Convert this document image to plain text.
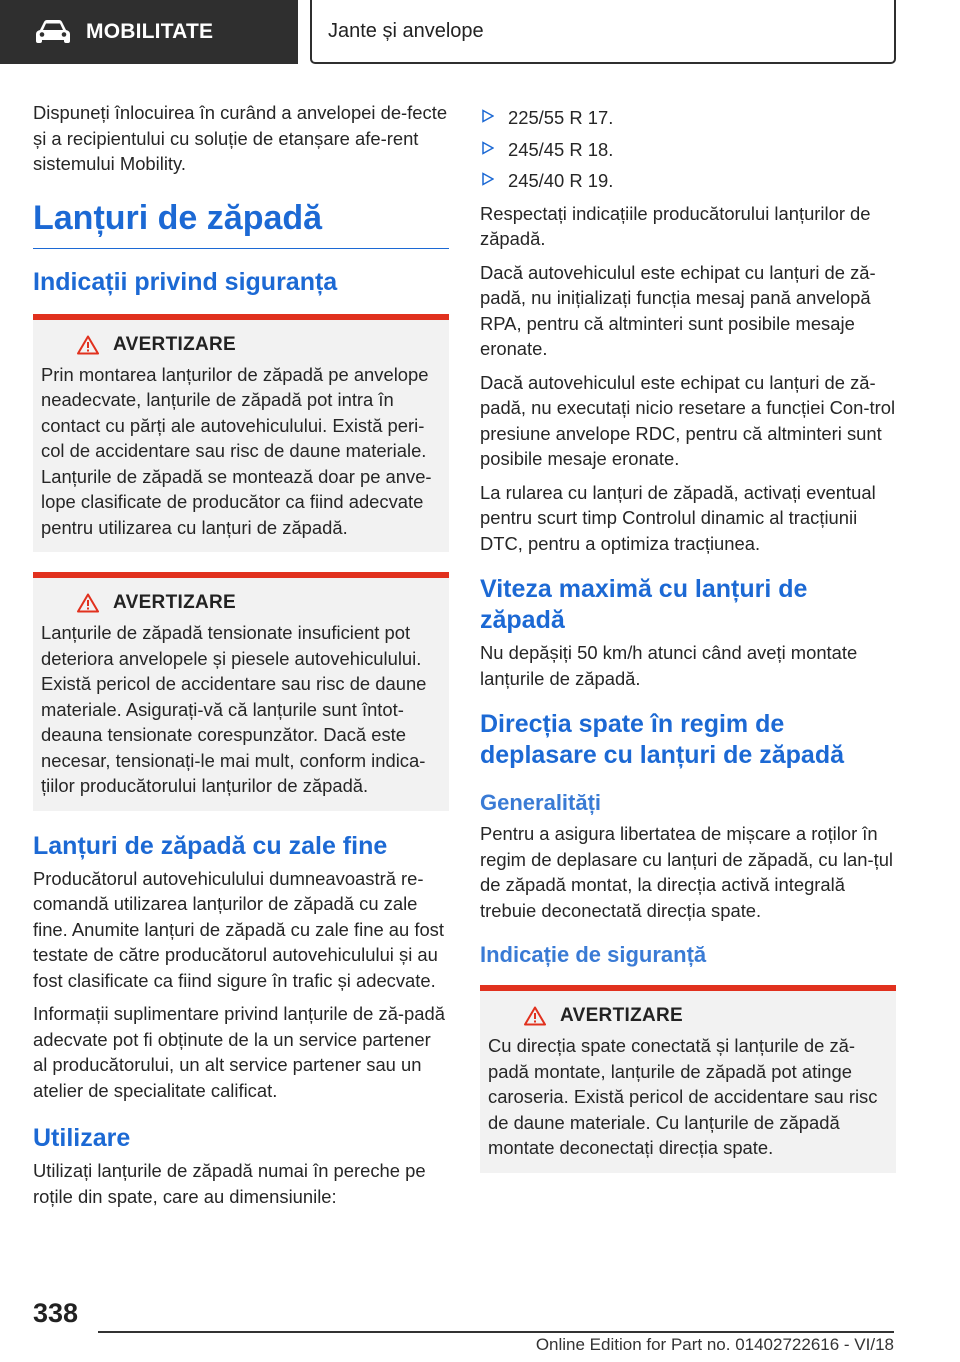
MOBILITATE	Jante și anvelope

Dispuneți înlocuirea în curând a anvelopei de-fecte și a recipientului cu soluție de etanșare afe-rent sistemului Mobility.

Lanțuri de zăpadă
Indicații privind siguranța
AVERTIZARE

Prin montarea lanțurilor de zăpadă pe anvelope neadecvate, lanțurile de zăpadă pot intra în contact cu părți ale autovehiculului. Există peri-col de accidentare sau risc de daune materiale. Lanțurile de zăpadă se montează doar pe anve-lope clasificate de producător ca fiind adecvate pentru utilizarea cu lanțuri de zăpadă.

AVERTIZARE

Lanțurile de zăpadă tensionate insuficient pot deteriora anvelopele și piesele autovehiculului. Există pericol de accidentare sau risc de daune materiale. Asigurați-vă că lanțurile sunt întot-deauna tensionate corespunzător. Dacă este necesar, tensionați-le mai mult, conform indica-țiilor producătorului lanțurilor de zăpadă.

Lanțuri de zăpadă cu zale fine

Producătorul autovehiculului dumneavoastră re-comandă utilizarea lanțurilor de zăpadă cu zale fine. Anumite lanțuri de zăpadă cu zale fine au fost testate de către producătorul autovehiculului și au fost clasificate ca fiind sigure în trafic și adecvate.

Informații suplimentare privind lanțurile de ză-padă adecvate pot fi obținute de la un service partener al producătorului, un alt service partener sau un atelier de specialitate calificat.

Utilizare

Utilizați lanțurile de zăpadă numai în pereche pe roțile din spate, care au dimensiunile:

225/55 R 17.
245/45 R 18.
245/40 R 19.

Respectați indicațiile producătorului lanțurilor de zăpadă.

Dacă autovehiculul este echipat cu lanțuri de ză-padă, nu inițializați funcția mesaj pană anvelopă RPA, pentru că altminteri sunt posibile mesaje eronate.

Dacă autovehiculul este echipat cu lanțuri de ză-padă, nu executați nicio resetare a funcției Con-trol presiune anvelope RDC, pentru că altminteri sunt posibile mesaje eronate.

La rularea cu lanțuri de zăpadă, activați eventual pentru scurt timp Controlul dinamic al tracțiunii DTC, pentru a optimiza tracțiunea.

Viteza maximă cu lanțuri de zăpadă

Nu depășiți 50 km/h atunci când aveți montate lanțurile de zăpadă.

Direcția spate în regim de deplasare cu lanțuri de zăpadă
Generalități

Pentru a asigura libertatea de mișcare a roților în regim de deplasare cu lanțuri de zăpadă, cu lan-țul de zăpadă montat, la direcția activă integrală trebuie deconectată direcția spate.

Indicație de siguranță
AVERTIZARE

Cu direcția spate conectată și lanțurile de ză-padă montate, lanțurile de zăpadă pot atinge caroseria. Există pericol de accidentare sau risc de daune materiale. Cu lanțurile de zăpadă montate deconectați direcția spate.

338
Online Edition for Part no. 01402722616 - VI/18
